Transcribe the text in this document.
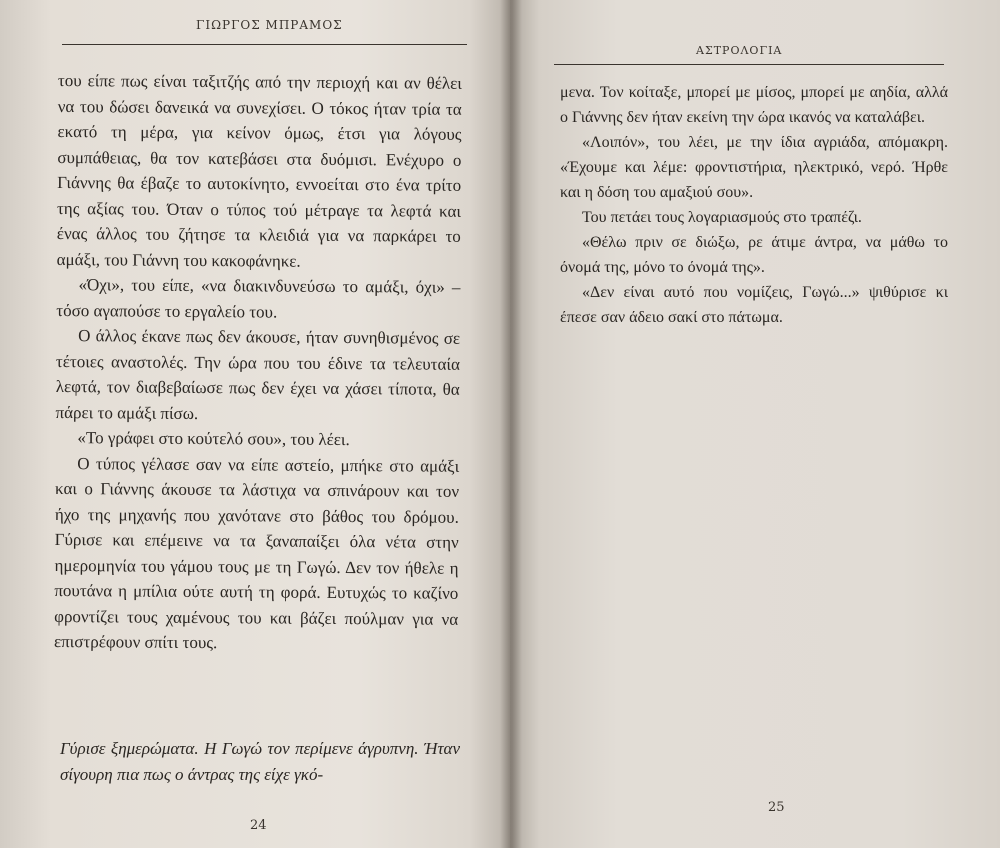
ΓΙΩΡΓΟΣ ΜΠΡΑΜΟΣ

του είπε πως είναι ταξιτζής από την περιοχή και αν θέλει να του δώσει δανεικά να συνεχίσει. Ο τόκος ήταν τρία τα εκατό τη μέρα, για κείνον όμως, έτσι για λόγους συμπάθειας, θα τον κατεβάσει στα δυόμισι. Ενέχυρο ο Γιάννης θα έβαζε το αυτοκίνητο, εννοείται στο ένα τρίτο της αξίας του. Όταν ο τύπος τού μέτραγε τα λεφτά και ένας άλλος του ζήτησε τα κλειδιά για να παρκάρει το αμάξι, του Γιάννη του κακοφάνηκε.

«Όχι», του είπε, «να διακινδυνεύσω το αμάξι, όχι» – τόσο αγαπούσε το εργαλείο του.

Ο άλλος έκανε πως δεν άκουσε, ήταν συνηθισμένος σε τέτοιες αναστολές. Την ώρα που του έδινε τα τελευταία λεφτά, τον διαβεβαίωσε πως δεν έχει να χάσει τίποτα, θα πάρει το αμάξι πίσω.

«Το γράφει στο κούτελό σου», του λέει.

Ο τύπος γέλασε σαν να είπε αστείο, μπήκε στο αμάξι και ο Γιάννης άκουσε τα λάστιχα να σπινάρουν και τον ήχο της μηχανής που χανότανε στο βάθος του δρόμου. Γύρισε και επέμεινε να τα ξαναπαίξει όλα νέτα στην ημερομηνία του γάμου τους με τη Γωγώ. Δεν τον ήθελε η πουτάνα η μπίλια ούτε αυτή τη φορά. Ευτυχώς το καζίνο φροντίζει τους χαμένους του και βάζει πούλμαν για να επιστρέφουν σπίτι τους.

Γύρισε ξημερώματα. Η Γωγώ τον περίμενε άγρυπνη. Ήταν σίγουρη πια πως ο άντρας της είχε γκό-
24
ΑΣΤΡΟΛΟΓΙΑ

μενα. Τον κοίταξε, μπορεί με μίσος, μπορεί με αηδία, αλλά ο Γιάννης δεν ήταν εκείνη την ώρα ικανός να καταλάβει.

«Λοιπόν», του λέει, με την ίδια αγριάδα, απόμακρη. «Έχουμε και λέμε: φροντιστήρια, ηλεκτρικό, νερό. Ήρθε και η δόση του αμαξιού σου».

Του πετάει τους λογαριασμούς στο τραπέζι.

«Θέλω πριν σε διώξω, ρε άτιμε άντρα, να μάθω το όνομά της, μόνο το όνομά της».

«Δεν είναι αυτό που νομίζεις, Γωγώ...» ψιθύρισε κι έπεσε σαν άδειο σακί στο πάτωμα.

25
